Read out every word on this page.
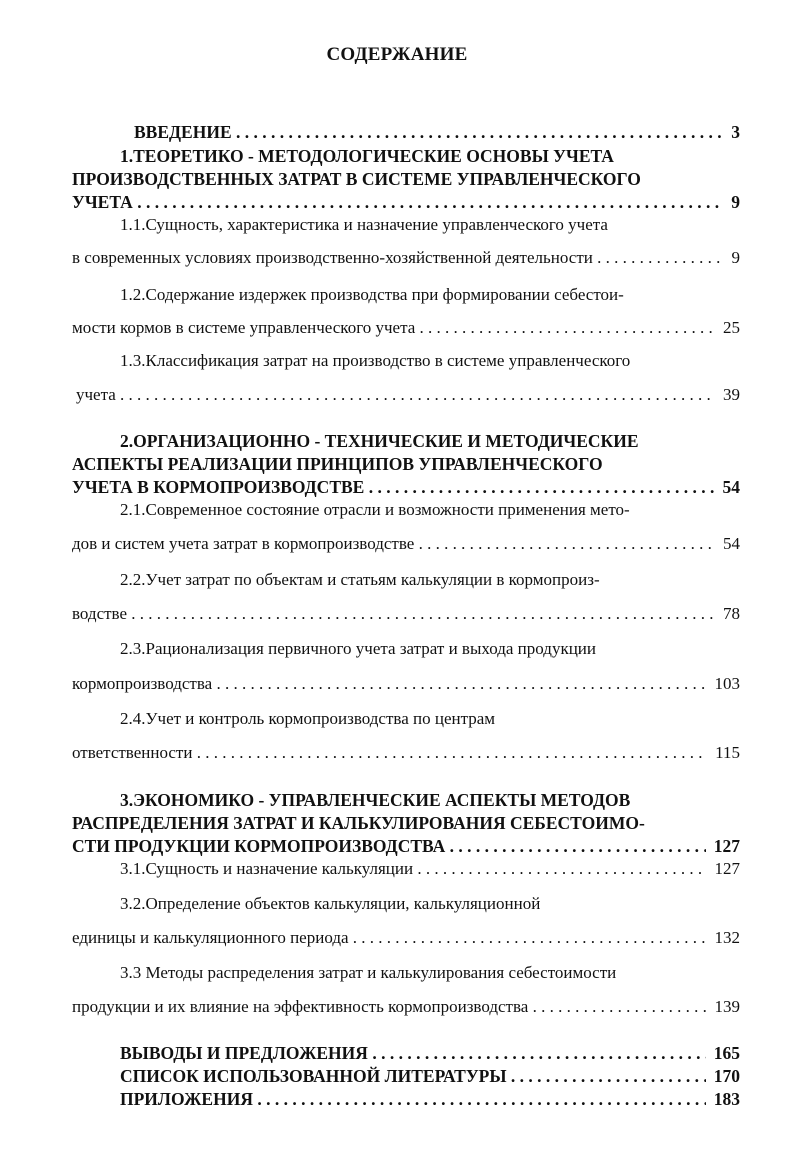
СОДЕРЖАНИЕ
ВВЕДЕНИЕ . . .	3
1.ТЕОРЕТИКО - МЕТОДОЛОГИЧЕСКИЕ ОСНОВЫ УЧЕТА
ПРОИЗВОДСТВЕННЫХ ЗАТРАТ В СИСТЕМЕ УПРАВЛЕНЧЕСКОГО
УЧЕТА . . .	9
1.1.Сущность, характеристика и назначение управленческого учета
в современных условиях производственно-хозяйственной деятельности . . .	9
1.2.Содержание издержек производства при формировании себестои-
мости кормов в системе управленческого учета . . .	25
1.3.Классификация затрат на производство в системе управленческого
учета . . .	39
2.ОРГАНИЗАЦИОННО - ТЕХНИЧЕСКИЕ И МЕТОДИЧЕСКИЕ
АСПЕКТЫ РЕАЛИЗАЦИИ ПРИНЦИПОВ УПРАВЛЕНЧЕСКОГО
УЧЕТА В КОРМОПРОИЗВОДСТВЕ . . .	54
2.1.Современное состояние отрасли и возможности применения мето-
дов и систем учета затрат в кормопроизводстве . . .	54
2.2.Учет затрат по объектам и статьям калькуляции в кормопроиз-
водстве . . .	78
2.3.Рационализация первичного учета затрат и выхода продукции
кормопроизводства . . .	103
2.4.Учет и контроль кормопроизводства по центрам
ответственности . . .	115
3.ЭКОНОМИКО - УПРАВЛЕНЧЕСКИЕ АСПЕКТЫ МЕТОДОВ
РАСПРЕДЕЛЕНИЯ ЗАТРАТ И КАЛЬКУЛИРОВАНИЯ СЕБЕСТОИМО-
СТИ ПРОДУКЦИИ КОРМОПРОИЗВОДСТВА . . .	127
3.1.Сущность и назначение калькуляции . . .	127
3.2.Определение объектов калькуляции, калькуляционной
единицы и калькуляционного периода . . .	132
3.3 Методы распределения затрат и калькулирования себестоимости
продукции и их влияние на эффективность кормопроизводства . . .	139
ВЫВОДЫ И ПРЕДЛОЖЕНИЯ . . .	165
СПИСОК ИСПОЛЬЗОВАННОЙ ЛИТЕРАТУРЫ . . .	170
ПРИЛОЖЕНИЯ . . .	183
